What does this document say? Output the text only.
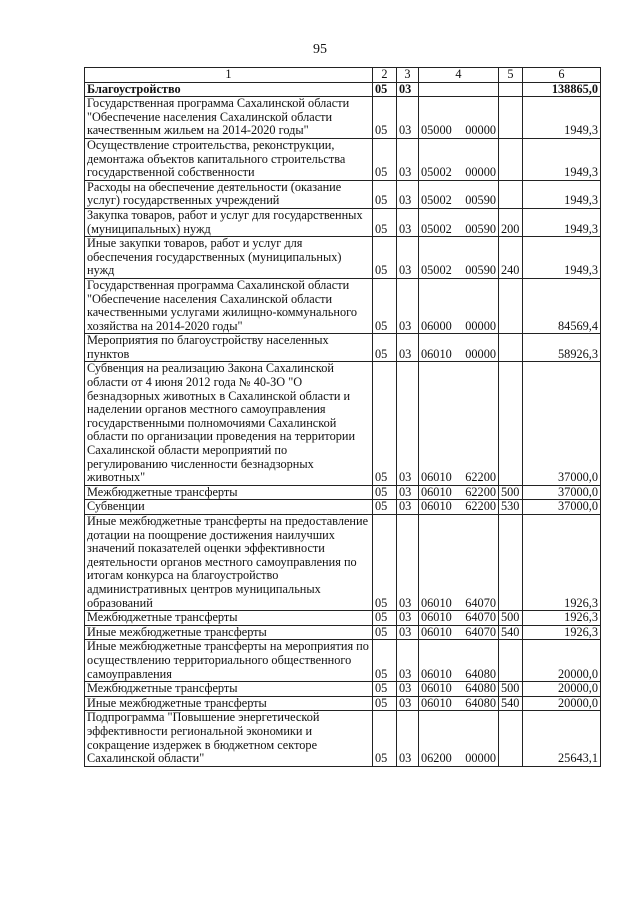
95
1	2	3	4	5	6
Благоустройство	05	03			138865,0
Государственная программа Сахалинской области "Обеспечение населения Сахалинской области качественным жильем на 2014-2020 годы"	05	03	05000 00000		1949,3
Осуществление строительства, реконструкции, демонтажа объектов капитального строительства государственной собственности	05	03	05002 00000		1949,3
Расходы на обеспечение деятельности (оказание услуг) государственных учреждений	05	03	05002 00590		1949,3
Закупка товаров, работ и услуг для государственных (муниципальных) нужд	05	03	05002 00590	200	1949,3
Иные закупки товаров, работ и услуг для обеспечения государственных (муниципальных) нужд	05	03	05002 00590	240	1949,3
Государственная программа Сахалинской области "Обеспечение населения Сахалинской области качественными услугами жилищно-коммунального хозяйства на 2014-2020 годы"	05	03	06000 00000		84569,4
Мероприятия по благоустройству населенных пунктов	05	03	06010 00000		58926,3
Субвенция на реализацию Закона Сахалинской области от 4 июня 2012 года № 40-ЗО "О безнадзорных животных в Сахалинской области и наделении органов местного самоуправления государственными полномочиями Сахалинской области по организации проведения на территории Сахалинской области мероприятий по регулированию численности безнадзорных животных"	05	03	06010 62200		37000,0
Межбюджетные трансферты	05	03	06010 62200	500	37000,0
Субвенции	05	03	06010 62200	530	37000,0
Иные межбюджетные трансферты на предоставление дотации на поощрение достижения наилучших значений показателей оценки эффективности деятельности органов местного самоуправления по итогам конкурса на благоустройство административных центров муниципальных образований	05	03	06010 64070		1926,3
Межбюджетные трансферты	05	03	06010 64070	500	1926,3
Иные межбюджетные трансферты	05	03	06010 64070	540	1926,3
Иные межбюджетные трансферты на мероприятия по осуществлению территориального общественного самоуправления	05	03	06010 64080		20000,0
Межбюджетные трансферты	05	03	06010 64080	500	20000,0
Иные межбюджетные трансферты	05	03	06010 64080	540	20000,0
Подпрограмма "Повышение энергетической эффективности региональной экономики и сокращение издержек в бюджетном секторе Сахалинской области"	05	03	06200 00000		25643,1
